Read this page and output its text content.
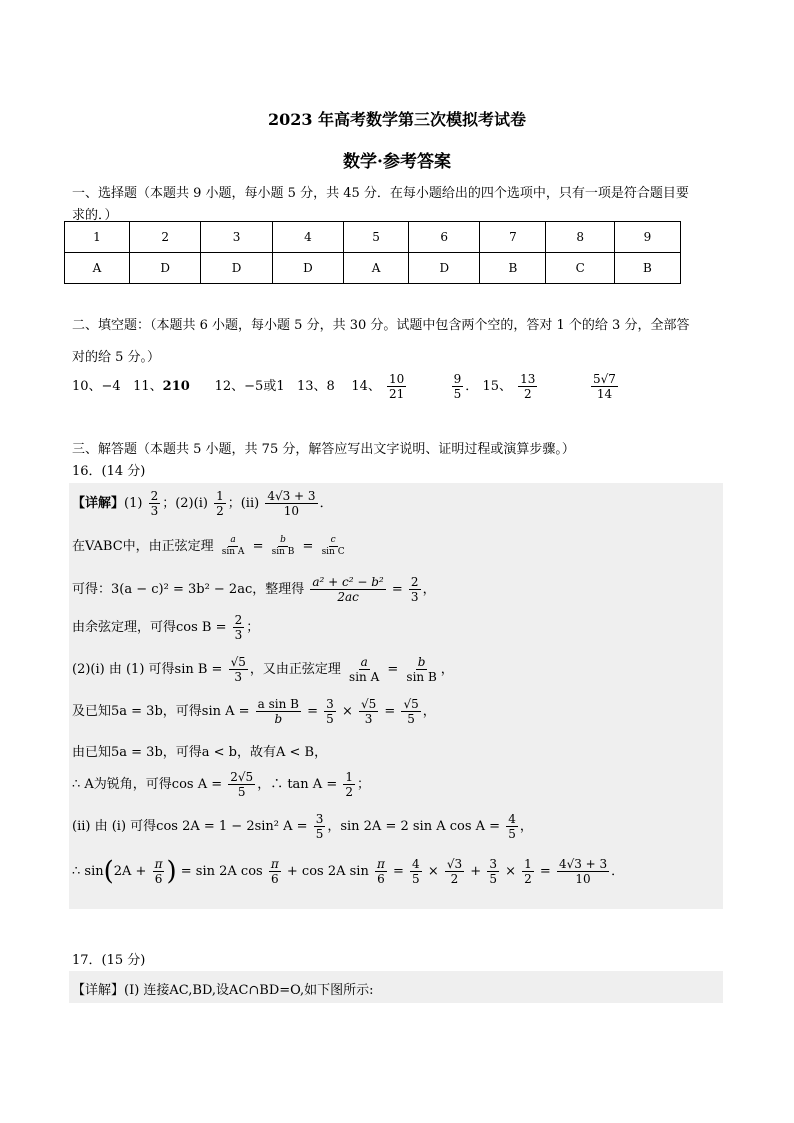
2023 年高考数学第三次模拟考试卷
数学·参考答案
一、选择题（本题共 9 小题，每小题 5 分，共 45 分．在每小题给出的四个选项中，只有一项是符合题目要
求的．）
1	2	3	4	5	6	7	8	9
A	D	D	D	A	D	B	C	B
二、填空题：（本题共 6 小题，每小题 5 分，共 30 分。试题中包含两个空的，答对 1 个的给 3 分，全部答
对的给 5 分。）
10、−4 11、210 12、−5或1 13、8 14、 $\frac{10}{21}$
	$\frac{9}{5}$ ． 15、 $\frac{13}{2}$
	$\frac{5√7}{14}$
三、解答题（本题共 5 小题，共 75 分，解答应写出文字说明、证明过程或演算步骤。）
16．(14 分)
【详解】$(1) \frac{2}{3}$ ；$(2)(i) \frac{1}{2}$ ；$(ii) \frac{4√3 + 3}{10}$ ．
在VABC中，由正弦定理 $\frac{a}{\text{sin A}} = \frac{b}{\text{sin B}} = \frac{c}{\text{sin C}}$
可得：3(a − c)² = 3b² − 2ac，整理得 $\frac{\text{a² + c² − b²}}{2ac} = \frac{2}{3}$ ，
由余弦定理，可得$\cos B = \frac{2}{3}$ ；
(2)(i) 由 (1) 可得$\sin B = \frac{√5}{3}$ ，又由正弦定理 $\frac{a}{\text{sin A}} = \frac{b}{\text{sin B}}$ ，
及已知5a = 3b，可得$\sin A = \frac{\text{a sin B}}{b} = \frac{3}{5} \times \frac{√5}{3} = \frac{√5}{5}$ ，
由已知5a = 3b，可得a < b，故有A < B，
∴ A为锐角，可得$\cos A = \frac{2√5}{5}$ ，∴ $\tan A = \frac{1}{2}$ ；
(ii) 由 (i) 可得cos 2A = 1 − 2sin² $A = \frac{3}{5}$ ，sin 2A = 2 sin A $\cos A = \frac{4}{5}$ ，
∴ $\sin(2A + \frac{\pi}{6}$ ) = sin 2A $\cos \frac{\pi}{6} + \cos 2A$ $\sin \frac{\pi}{6} = \frac{4}{5} \times \frac{√3}{2} + \frac{3}{5} \times \frac{1}{2} = \frac{4√3 + 3}{10}$ ．
17．(15 分)
【详解】(Ⅰ) 连接AC,BD,设AC∩BD=O,如下图所示:
